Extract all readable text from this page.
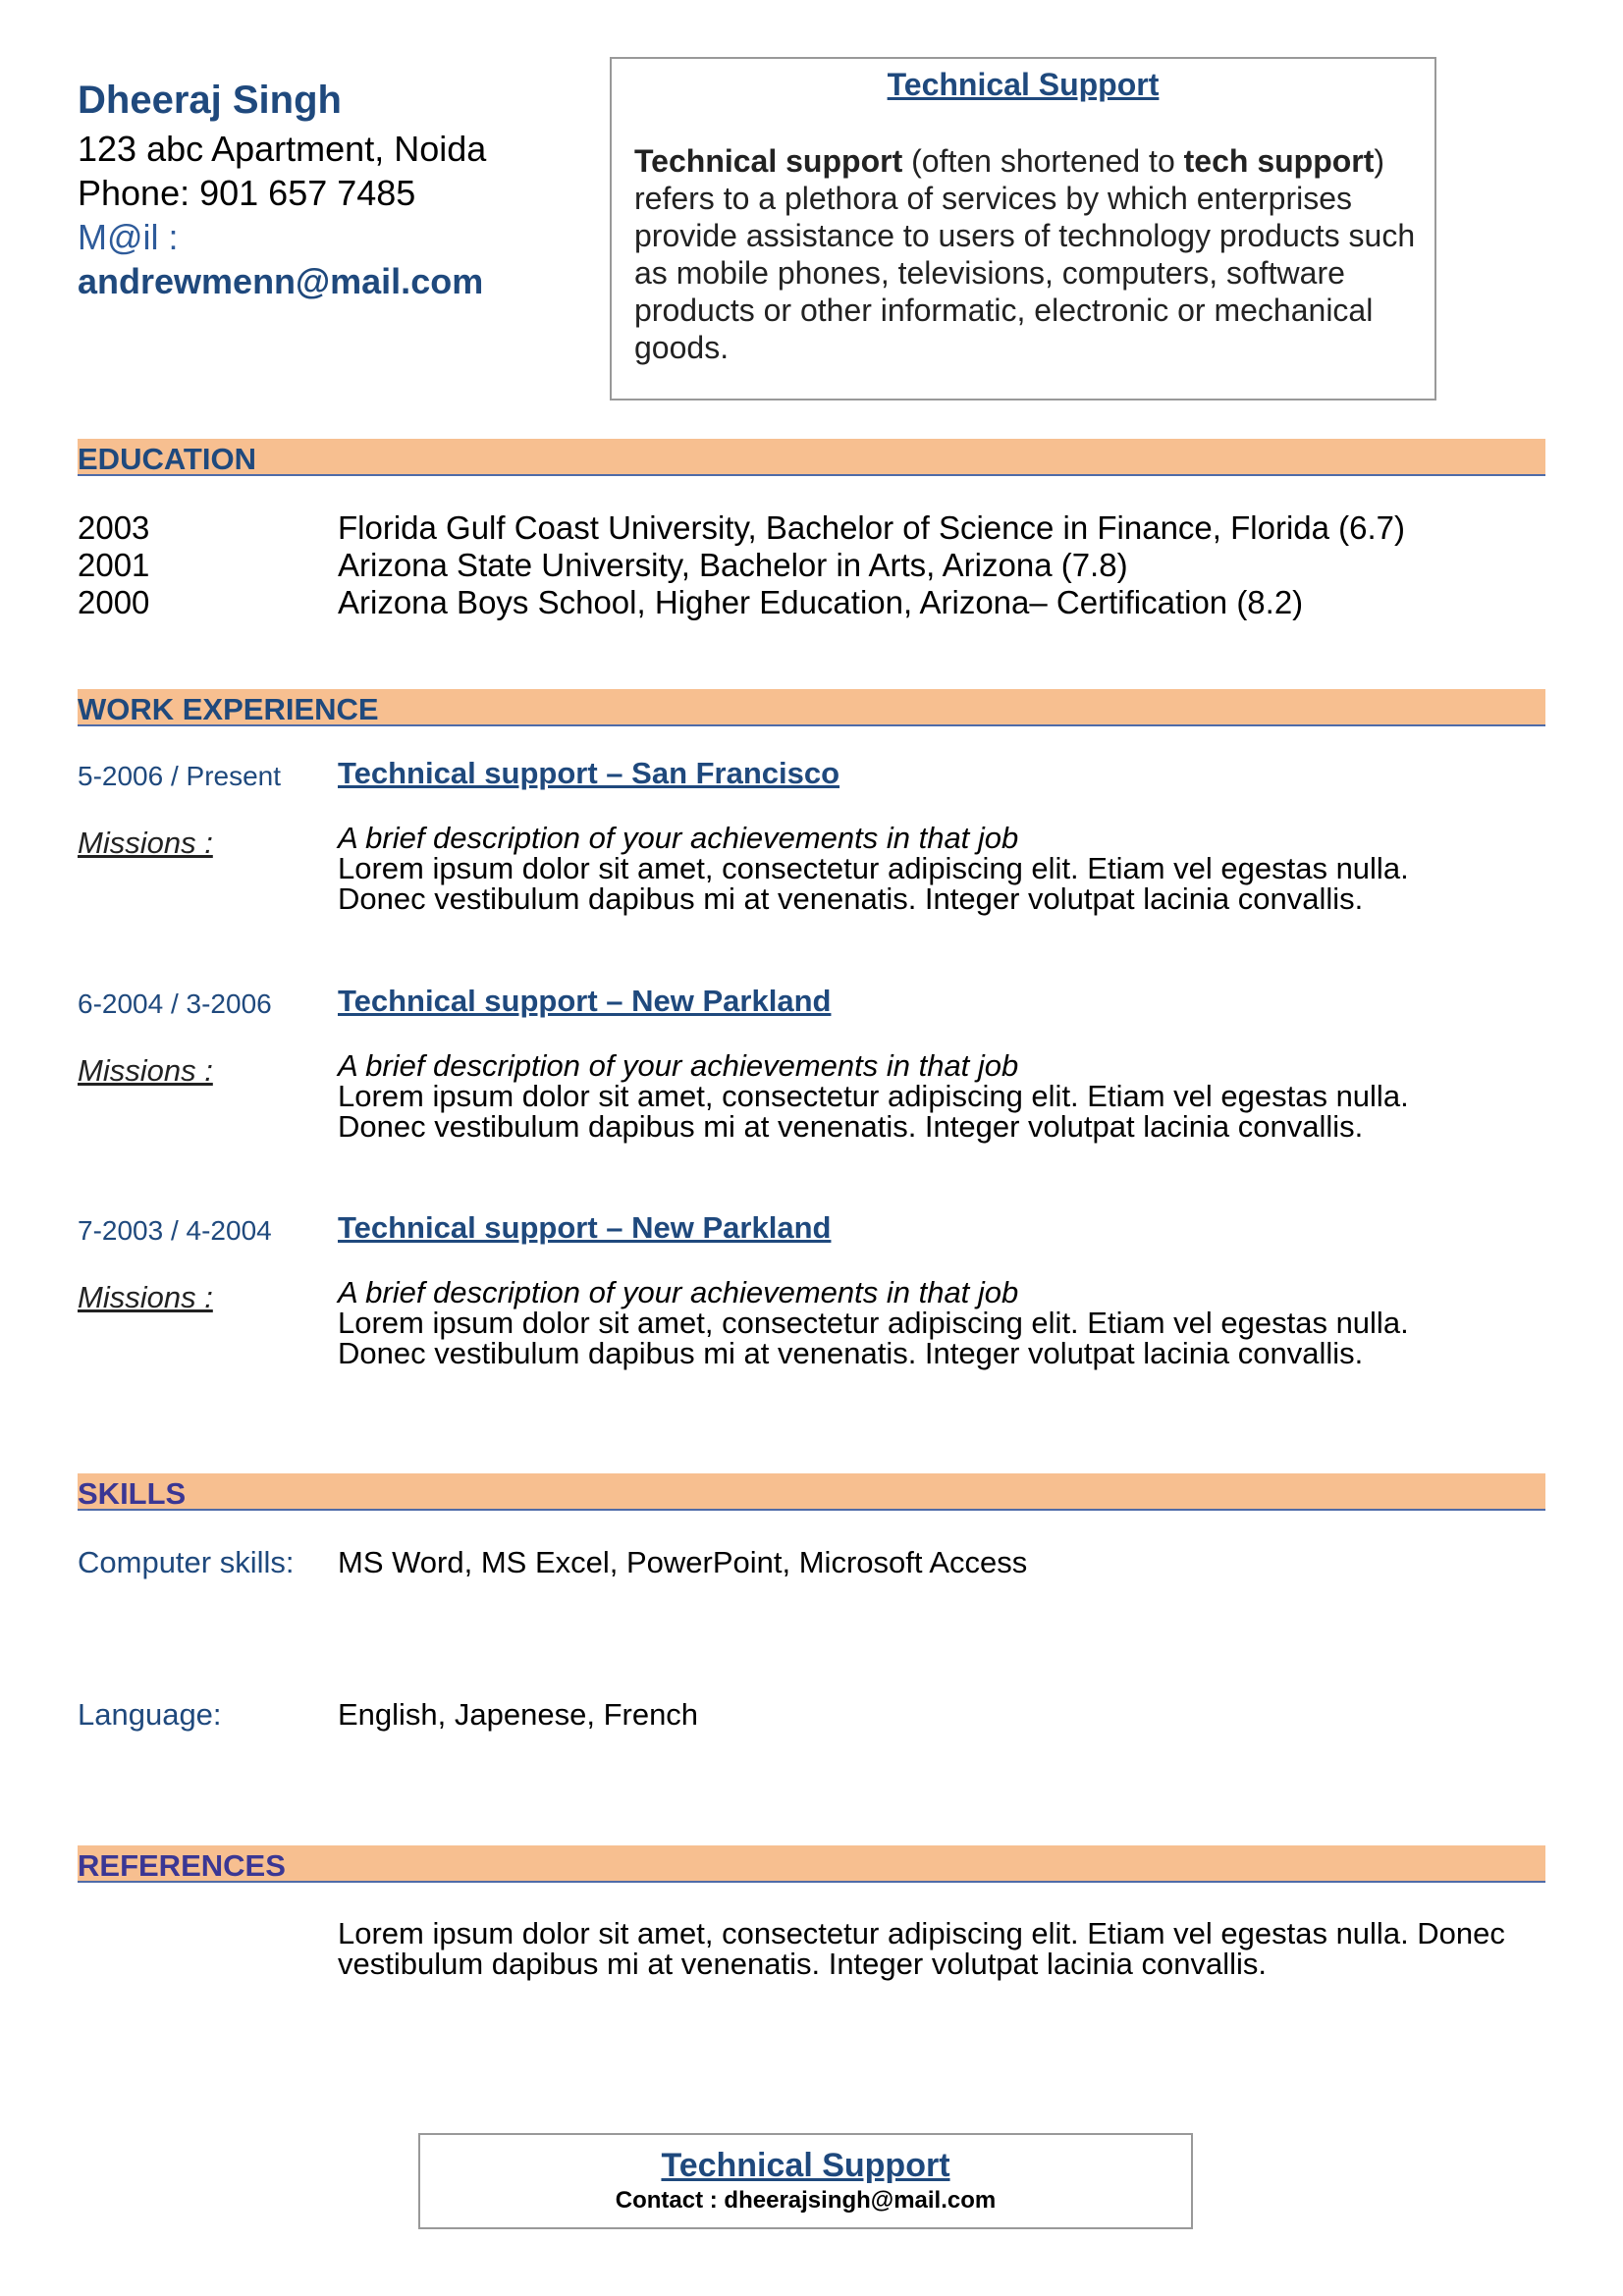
Dheeraj Singh
123 abc Apartment, Noida
Phone: 901 657 7485
M@il :
andrewmenn@mail.com
Technical Support
Technical support (often shortened to tech support) refers to a plethora of services by which enterprises provide assistance to users of technology products such as mobile phones, televisions, computers, software products or other informatic, electronic or mechanical goods.
EDUCATION
2003	Florida Gulf Coast University, Bachelor of Science in Finance, Florida (6.7)
2001	Arizona State University, Bachelor in Arts, Arizona (7.8)
2000	Arizona Boys School, Higher Education, Arizona– Certification (8.2)
WORK EXPERIENCE
5-2006 / Present Technical support – San Francisco
Missions :	A brief description of your achievements in that job
Lorem ipsum dolor sit amet, consectetur adipiscing elit. Etiam vel egestas nulla. Donec vestibulum dapibus mi at venenatis. Integer volutpat lacinia convallis.
6-2004 / 3-2006 Technical support – New Parkland
Missions :	A brief description of your achievements in that job
Lorem ipsum dolor sit amet, consectetur adipiscing elit. Etiam vel egestas nulla. Donec vestibulum dapibus mi at venenatis. Integer volutpat lacinia convallis.
7-2003 / 4-2004 Technical support – New Parkland
Missions :	A brief description of your achievements in that job
Lorem ipsum dolor sit amet, consectetur adipiscing elit. Etiam vel egestas nulla. Donec vestibulum dapibus mi at venenatis. Integer volutpat lacinia convallis.
SKILLS
Computer skills: MS Word, MS Excel, PowerPoint, Microsoft Access
Language:	English, Japenese, French
REFERENCES
Lorem ipsum dolor sit amet, consectetur adipiscing elit. Etiam vel egestas nulla. Donec vestibulum dapibus mi at venenatis. Integer volutpat lacinia convallis.
Technical Support
Contact : dheerajsingh@mail.com
